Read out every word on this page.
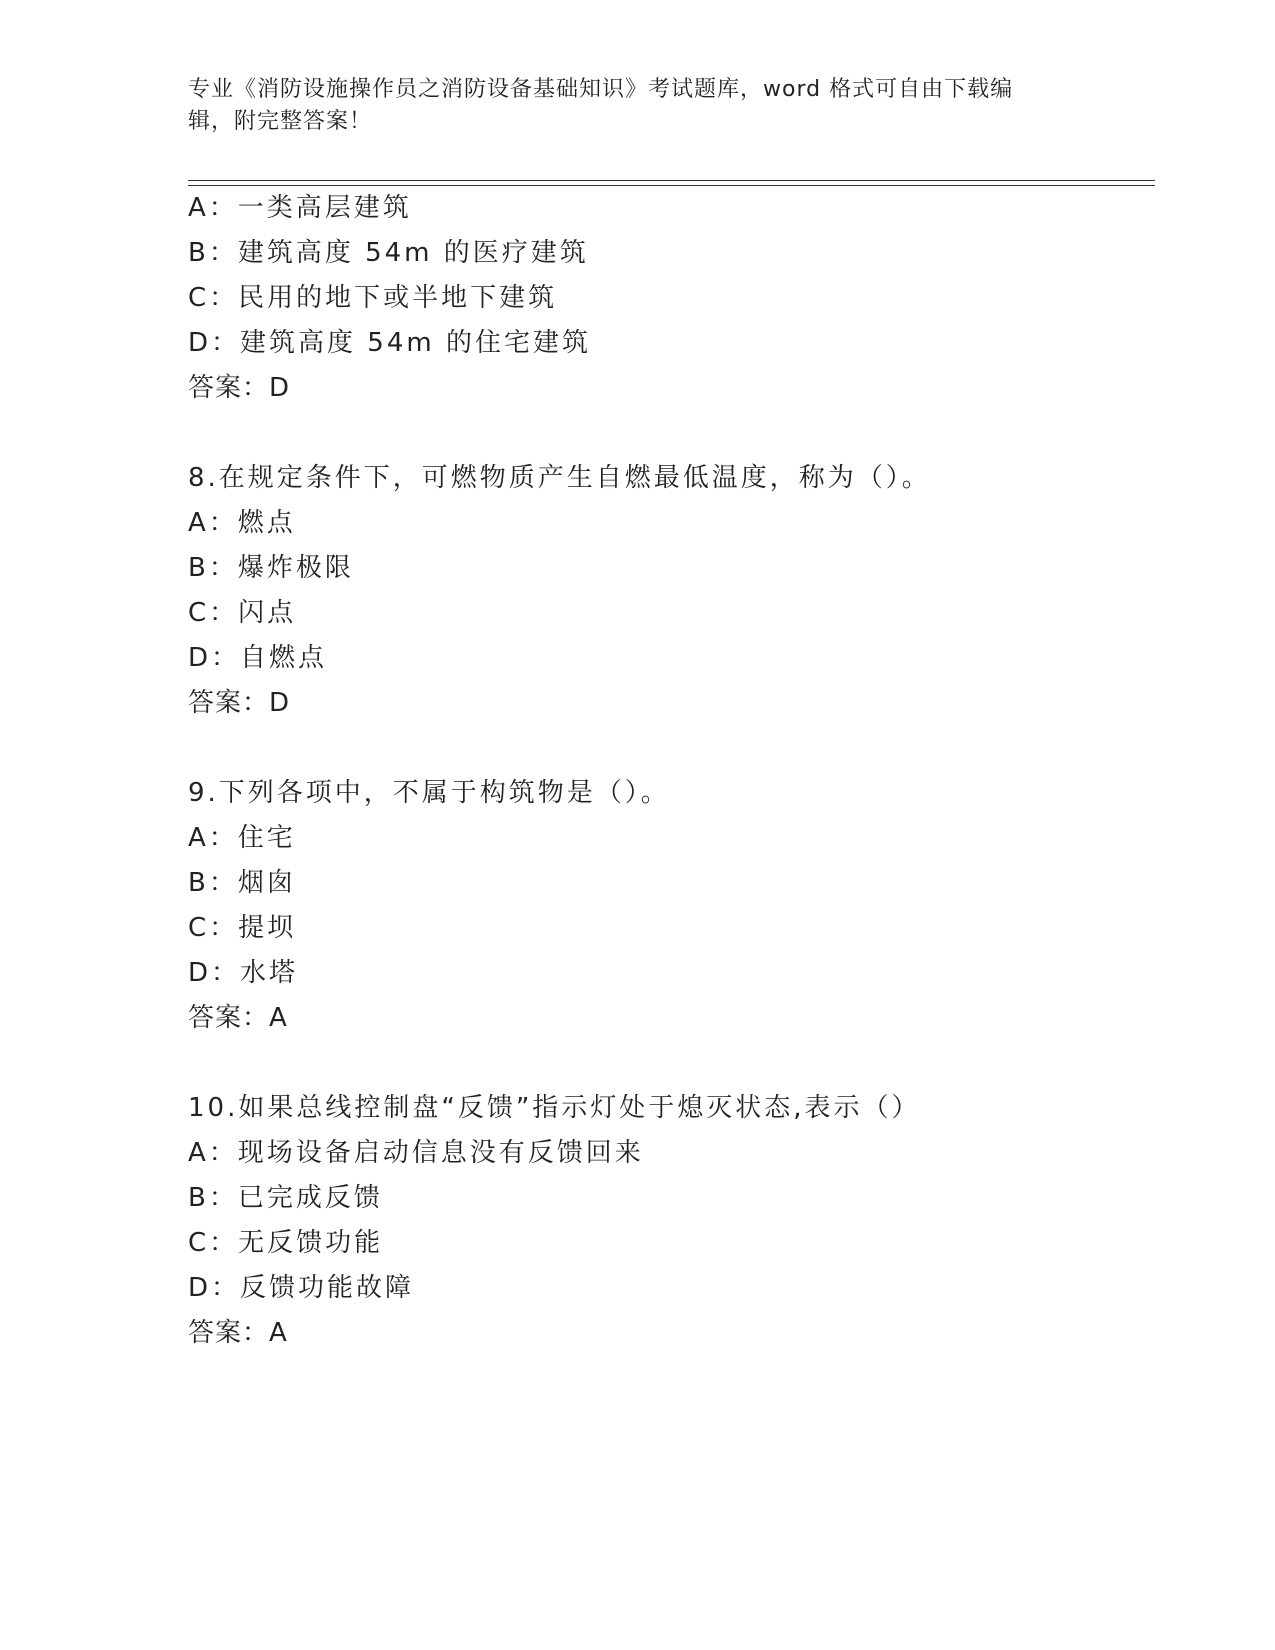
专业《消防设施操作员之消防设备基础知识》考试题库，word 格式可自由下载编
辑，附完整答案！
A：一类高层建筑
B：建筑高度 54m 的医疗建筑
C：民用的地下或半地下建筑
D：建筑高度 54m 的住宅建筑
答案：D
8.在规定条件下，可燃物质产生自燃最低温度，称为（）。
A：燃点
B：爆炸极限
C：闪点
D：自燃点
答案：D
9.下列各项中，不属于构筑物是（）。
A：住宅
B：烟囱
C：提坝
D：水塔
答案：A
10.如果总线控制盘“反馈”指示灯处于熄灭状态,表示（）
A：现场设备启动信息没有反馈回来
B：已完成反馈
C：无反馈功能
D：反馈功能故障
答案：A
